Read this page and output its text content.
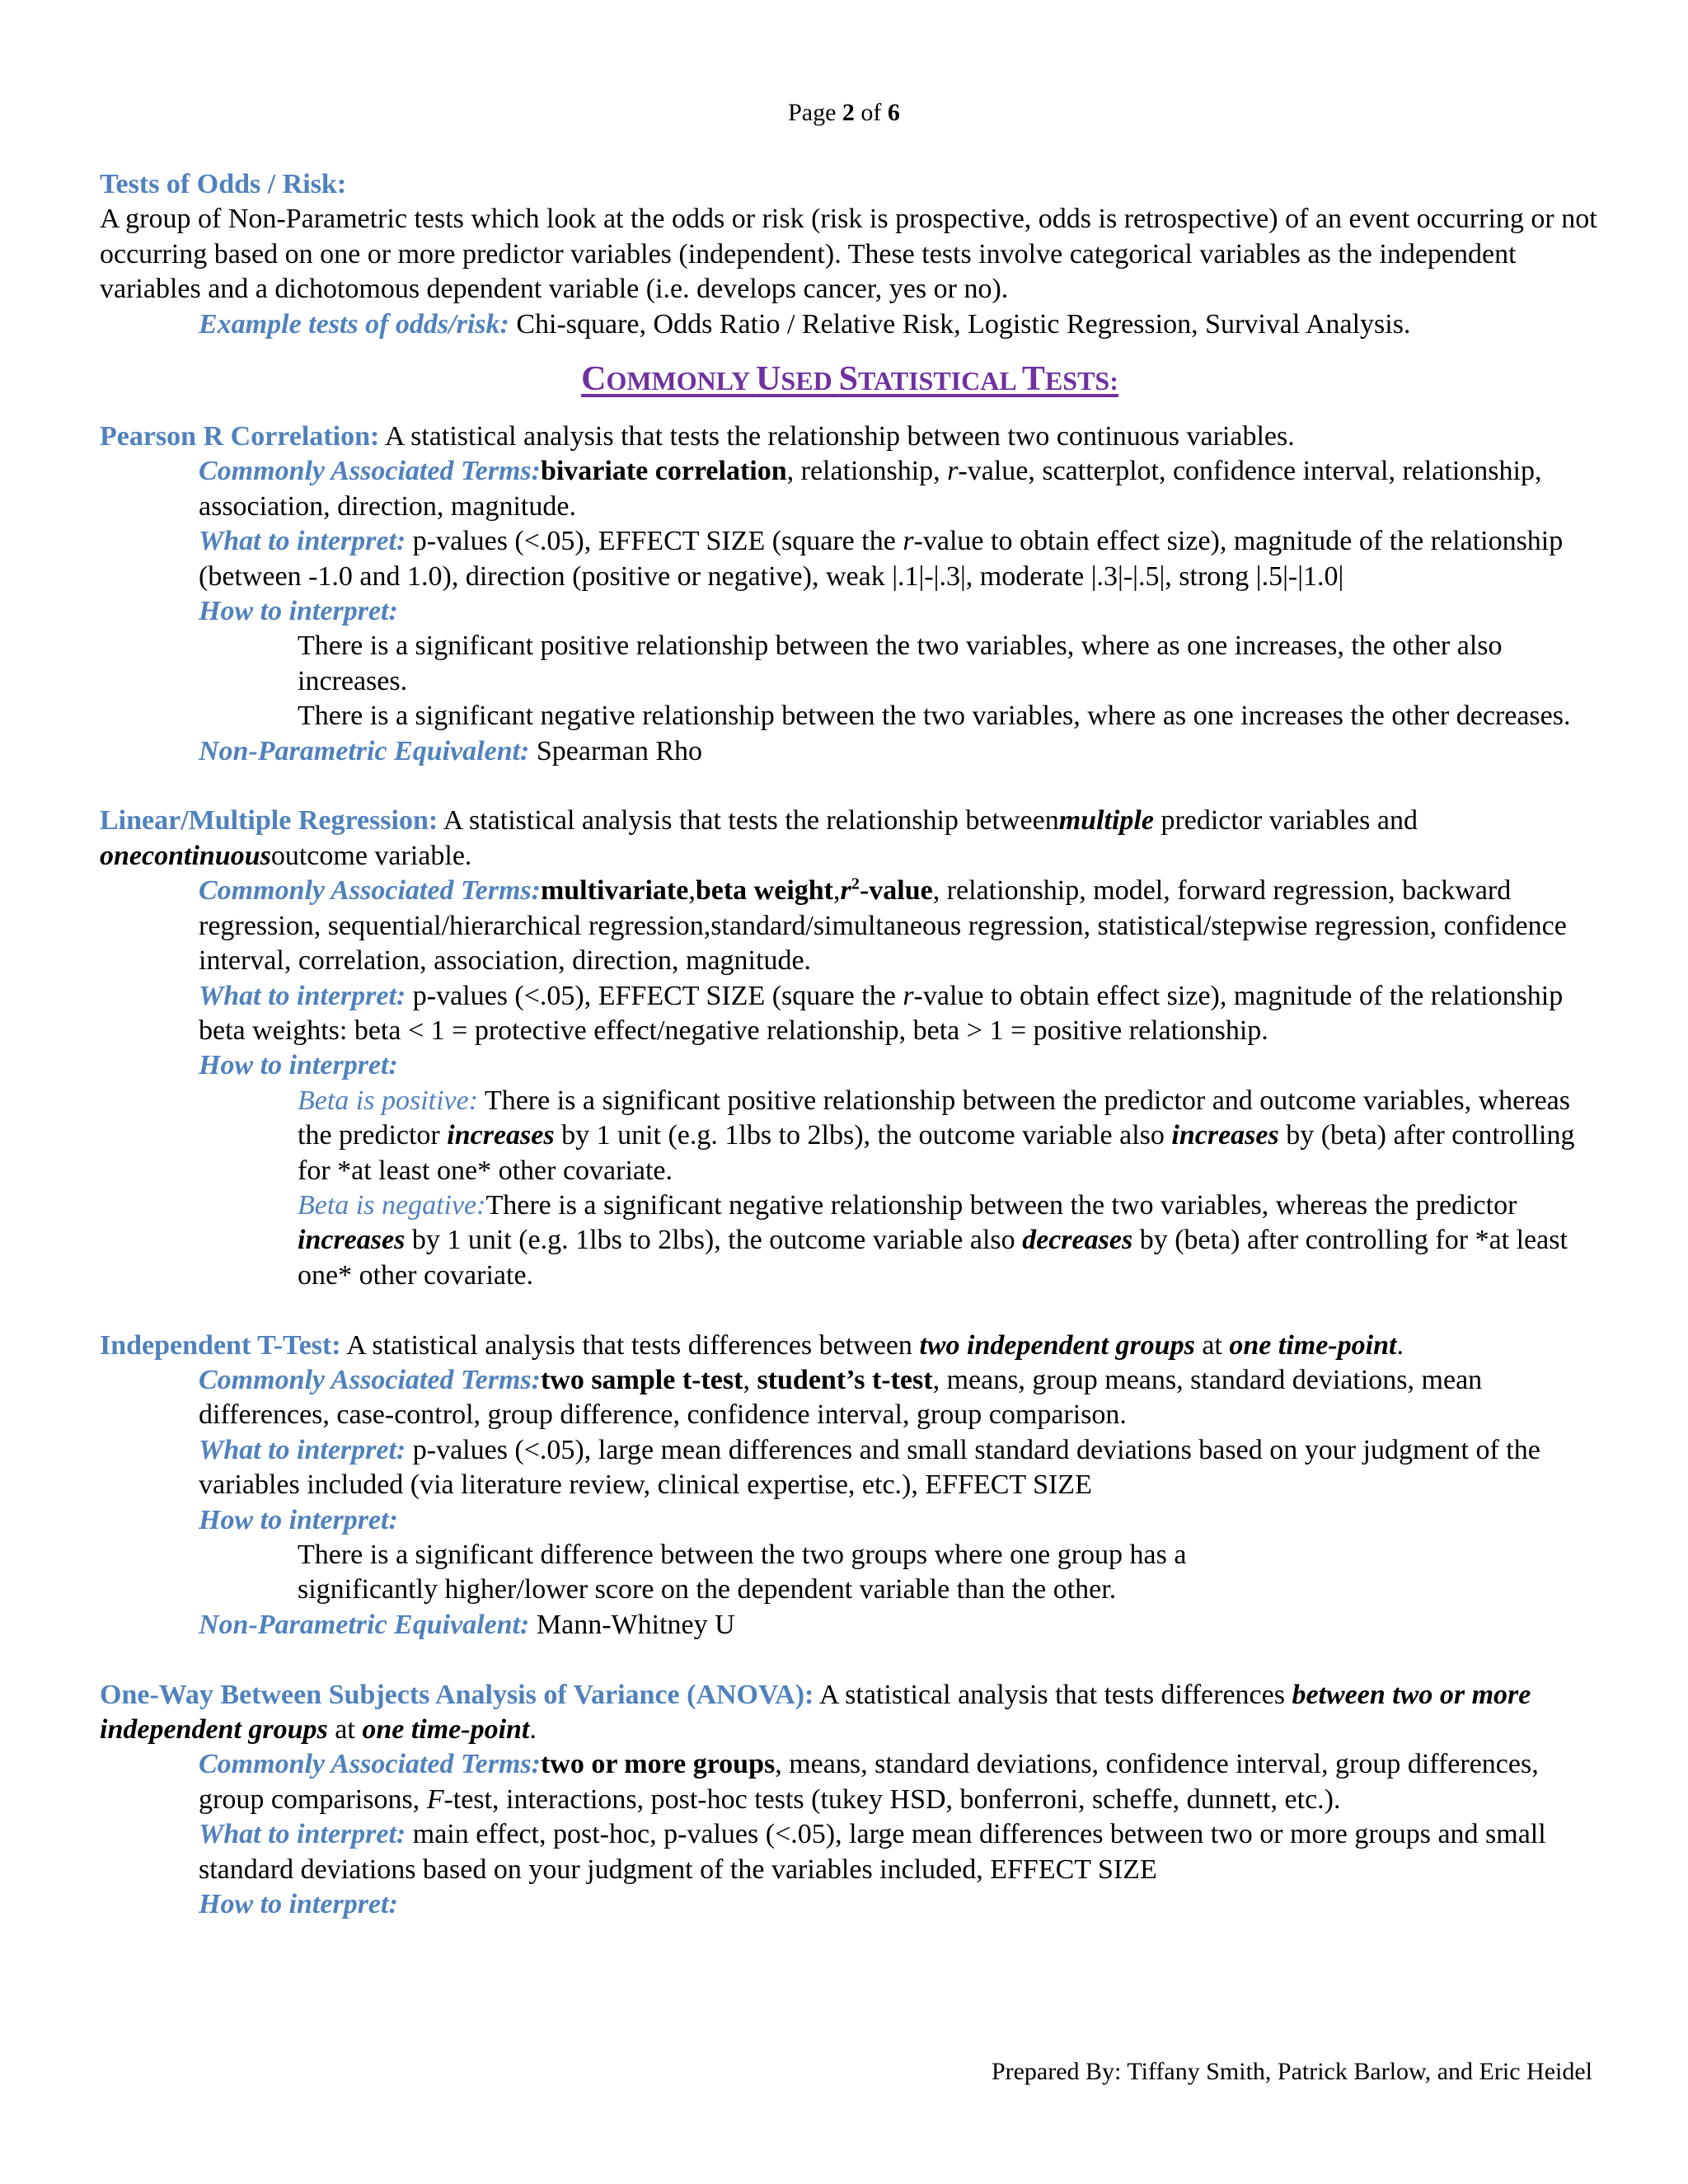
Page 2 of 6

Tests of Odds / Risk:

A group of Non-Parametric tests which look at the odds or risk (risk is prospective, odds is retrospective) of an event occurring or not occurring based on one or more predictor variables (independent). These tests involve categorical variables as the independent variables and a dichotomous dependent variable (i.e. develops cancer, yes or no).

Example tests of odds/risk: Chi-square, Odds Ratio / Relative Risk, Logistic Regression, Survival Analysis.

COMMONLY USED STATISTICAL TESTS:

Pearson R Correlation: A statistical analysis that tests the relationship between two continuous variables.

Commonly Associated Terms:bivariate correlation, relationship, r-value, scatterplot, confidence interval, relationship, association, direction, magnitude.

What to interpret: p-values (<.05), EFFECT SIZE (square the r-value to obtain effect size), magnitude of the relationship (between -1.0 and 1.0), direction (positive or negative), weak |.1|-|.3|, moderate |.3|-|.5|, strong |.5|-|1.0|

How to interpret:

There is a significant positive relationship between the two variables, where as one increases, the other also increases.

There is a significant negative relationship between the two variables, where as one increases the other decreases.

Non-Parametric Equivalent: Spearman Rho

Linear/Multiple Regression: A statistical analysis that tests the relationship betweenmultiple predictor variables and onecontinuousoutcome variable.

Commonly Associated Terms:multivariate,beta $weight,r^2$-value, relationship, model, forward regression, backward regression, sequential/hierarchical regression,standard/simultaneous regression, statistical/stepwise regression, confidence interval, correlation, association, direction, magnitude.

What to interpret: p-values (<.05), EFFECT SIZE (square the r-value to obtain effect size), magnitude of the relationship beta weights: beta < 1 = protective effect/negative relationship, beta > 1 = positive relationship.

How to interpret:

Beta is positive: There is a significant positive relationship between the predictor and outcome variables, whereas the predictor increases by 1 unit (e.g. 1lbs to 2lbs), the outcome variable also increases by (beta) after controlling for *at least one* other covariate.

Beta is negative:There is a significant negative relationship between the two variables, whereas the predictor increases by 1 unit (e.g. 1lbs to 2lbs), the outcome variable also decreases by (beta) after controlling for *at least one* other covariate.

Independent T-Test: A statistical analysis that tests differences between two independent groups at one time-point.

Commonly Associated Terms:two sample t-test, student’s t-test, means, group means, standard deviations, mean differences, case-control, group difference, confidence interval, group comparison.

What to interpret: p-values (<.05), large mean differences and small standard deviations based on your judgment of the variables included (via literature review, clinical expertise, etc.), EFFECT SIZE

How to interpret:

There is a significant difference between the two groups where one group has a

significantly higher/lower score on the dependent variable than the other.

Non-Parametric Equivalent: Mann-Whitney U

One-Way Between Subjects Analysis of Variance (ANOVA): A statistical analysis that tests differences between two or more independent groups at one time-point.

Commonly Associated Terms:two or more groups, means, standard deviations, confidence interval, group differences, group comparisons, F-test, interactions, post-hoc tests (tukey HSD, bonferroni, scheffe, dunnett, etc.).

What to interpret: main effect, post-hoc, p-values (<.05), large mean differences between two or more groups and small standard deviations based on your judgment of the variables included, EFFECT SIZE

How to interpret:

Prepared By: Tiffany Smith, Patrick Barlow, and Eric Heidel
